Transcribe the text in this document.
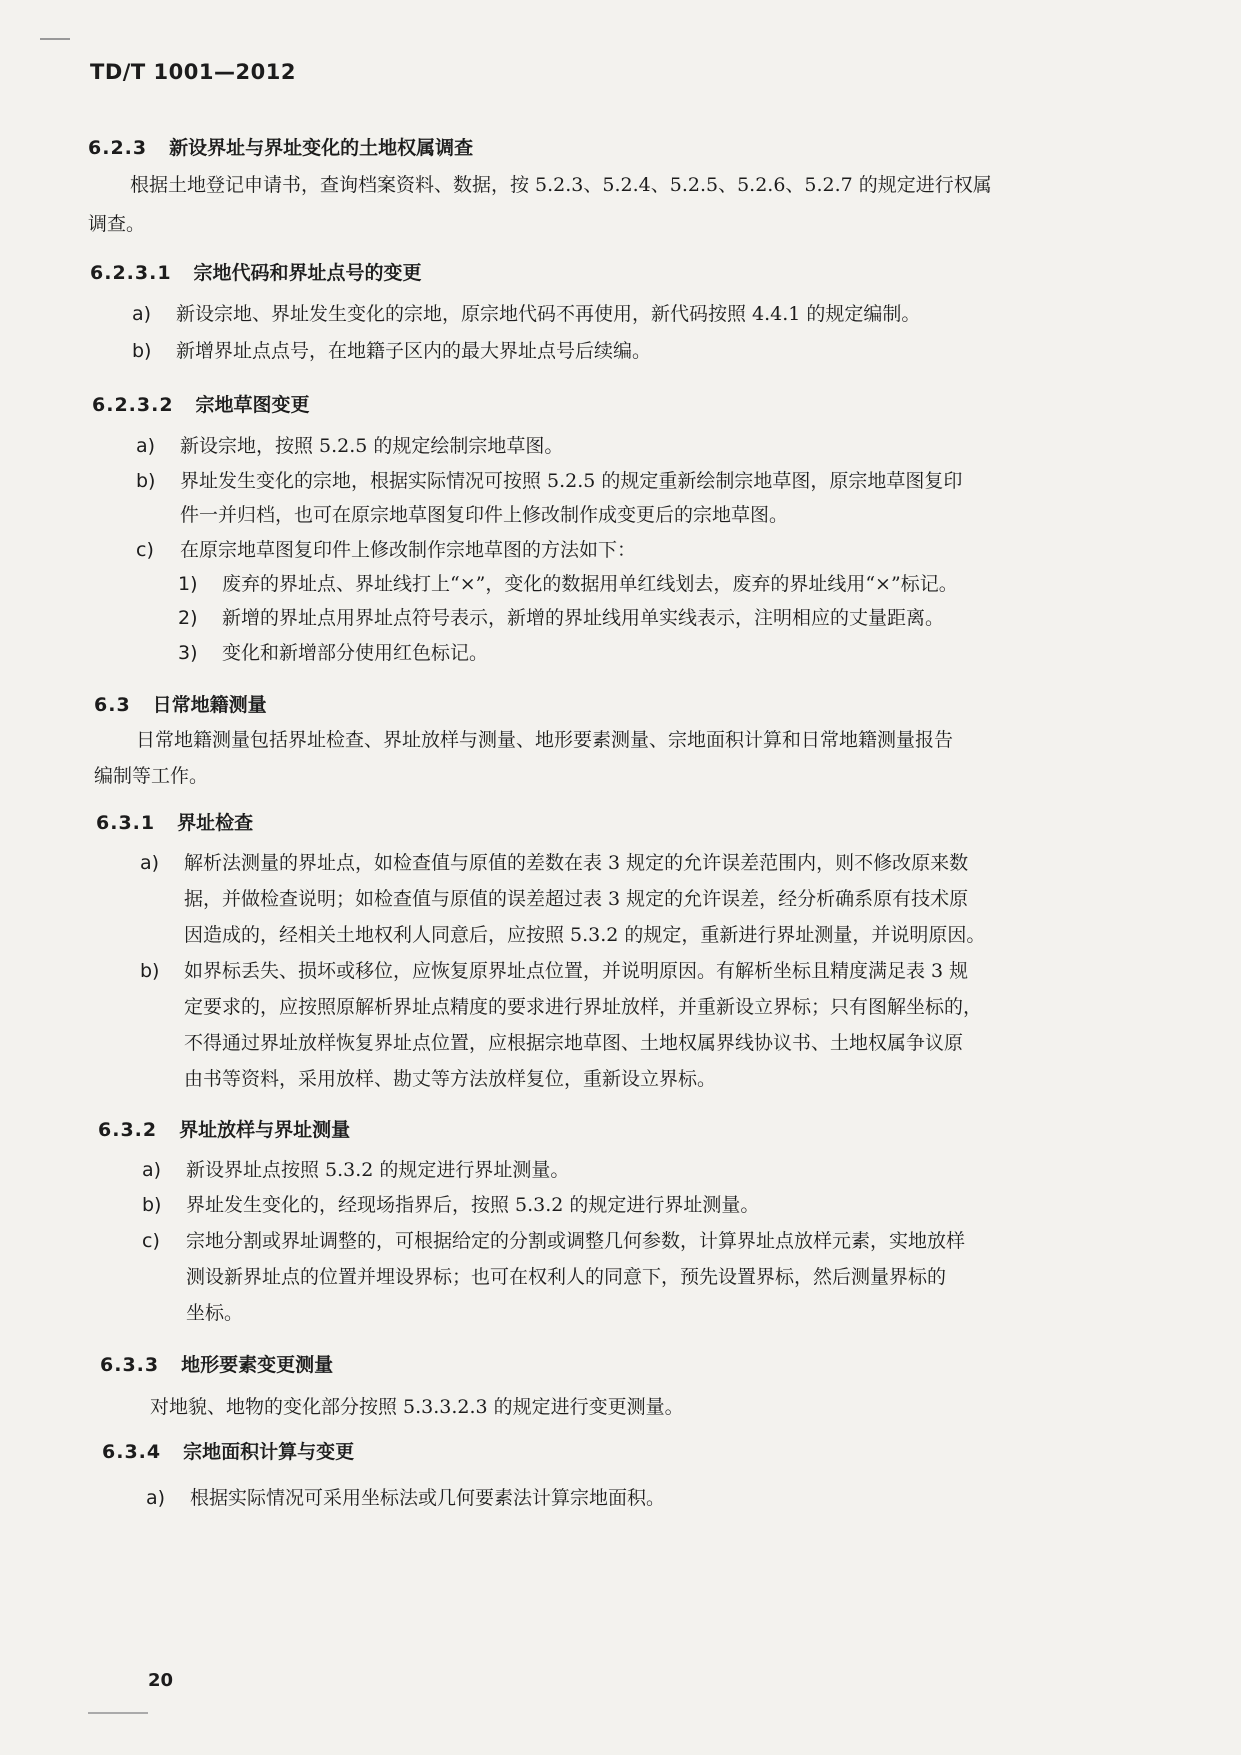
TD/T 1001—2012
6.2.3 新设界址与界址变化的土地权属调查
根据土地登记申请书，查询档案资料、数据，按 5.2.3、5.2.4、5.2.5、5.2.6、5.2.7 的规定进行权属
调查。
6.2.3.1 宗地代码和界址点号的变更
a)	新设宗地、界址发生变化的宗地，原宗地代码不再使用，新代码按照 4.4.1 的规定编制。
b)	新增界址点点号，在地籍子区内的最大界址点号后续编。
6.2.3.2 宗地草图变更
a)	新设宗地，按照 5.2.5 的规定绘制宗地草图。
b)	界址发生变化的宗地，根据实际情况可按照 5.2.5 的规定重新绘制宗地草图，原宗地草图复印
件一并归档，也可在原宗地草图复印件上修改制作成变更后的宗地草图。
c)	在原宗地草图复印件上修改制作宗地草图的方法如下：
1)	废弃的界址点、界址线打上“×”，变化的数据用单红线划去，废弃的界址线用“×”标记。
2)	新增的界址点用界址点符号表示，新增的界址线用单实线表示，注明相应的丈量距离。
3)	变化和新增部分使用红色标记。
6.3 日常地籍测量
日常地籍测量包括界址检查、界址放样与测量、地形要素测量、宗地面积计算和日常地籍测量报告
编制等工作。
6.3.1 界址检查
a)	解析法测量的界址点，如检查值与原值的差数在表 3 规定的允许误差范围内，则不修改原来数
据，并做检查说明；如检查值与原值的误差超过表 3 规定的允许误差，经分析确系原有技术原
因造成的，经相关土地权利人同意后，应按照 5.3.2 的规定，重新进行界址测量，并说明原因。
b)	如界标丢失、损坏或移位，应恢复原界址点位置，并说明原因。有解析坐标且精度满足表 3 规
定要求的，应按照原解析界址点精度的要求进行界址放样，并重新设立界标；只有图解坐标的，
不得通过界址放样恢复界址点位置，应根据宗地草图、土地权属界线协议书、土地权属争议原
由书等资料，采用放样、勘丈等方法放样复位，重新设立界标。
6.3.2 界址放样与界址测量
a)	新设界址点按照 5.3.2 的规定进行界址测量。
b)	界址发生变化的，经现场指界后，按照 5.3.2 的规定进行界址测量。
c)	宗地分割或界址调整的，可根据给定的分割或调整几何参数，计算界址点放样元素，实地放样
测设新界址点的位置并埋设界标；也可在权利人的同意下，预先设置界标，然后测量界标的
坐标。
6.3.3 地形要素变更测量
对地貌、地物的变化部分按照 5.3.3.2.3 的规定进行变更测量。
6.3.4 宗地面积计算与变更
a)	根据实际情况可采用坐标法或几何要素法计算宗地面积。
20
